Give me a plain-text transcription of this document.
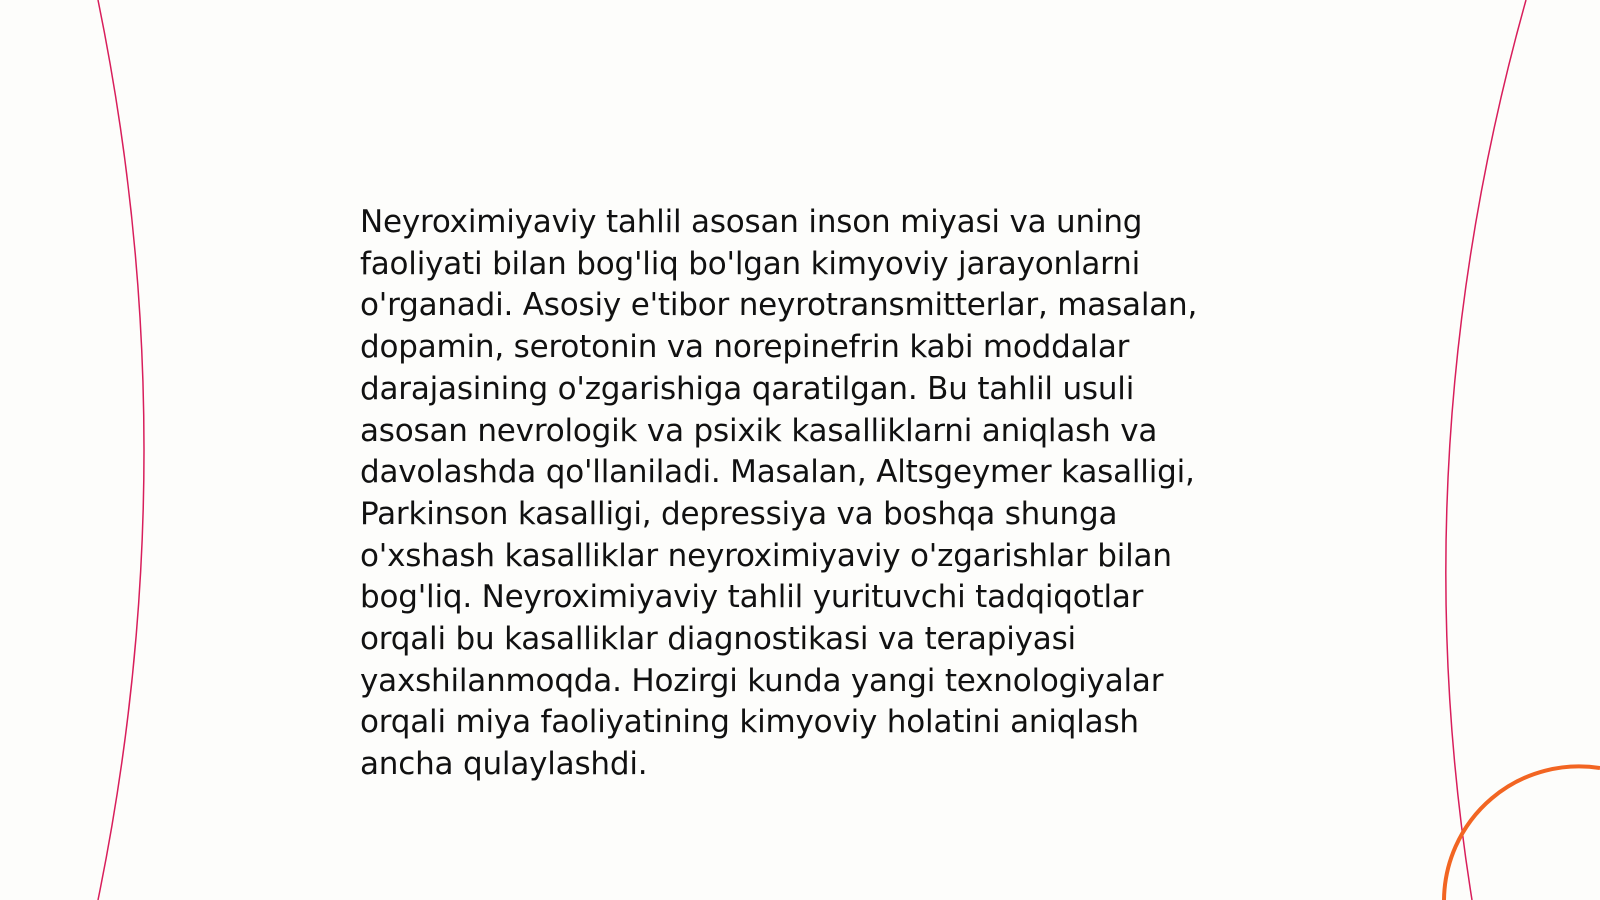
Neyroximiyaviy tahlil asosan inson miyasi va uning
faoliyati bilan bog'liq bo'lgan kimyoviy jarayonlarni
o'rganadi. Asosiy e'tibor neyrotransmitterlar, masalan,
dopamin, serotonin va norepinefrin kabi moddalar
darajasining o'zgarishiga qaratilgan. Bu tahlil usuli
asosan nevrologik va psixik kasalliklarni aniqlash va
davolashda qo'llaniladi. Masalan, Altsgeymer kasalligi,
Parkinson kasalligi, depressiya va boshqa shunga
o'xshash kasalliklar neyroximiyaviy o'zgarishlar bilan
bog'liq. Neyroximiyaviy tahlil yurituvchi tadqiqotlar
orqali bu kasalliklar diagnostikasi va terapiyasi
yaxshilanmoqda. Hozirgi kunda yangi texnologiyalar
orqali miya faoliyatining kimyoviy holatini aniqlash
ancha qulaylashdi.
